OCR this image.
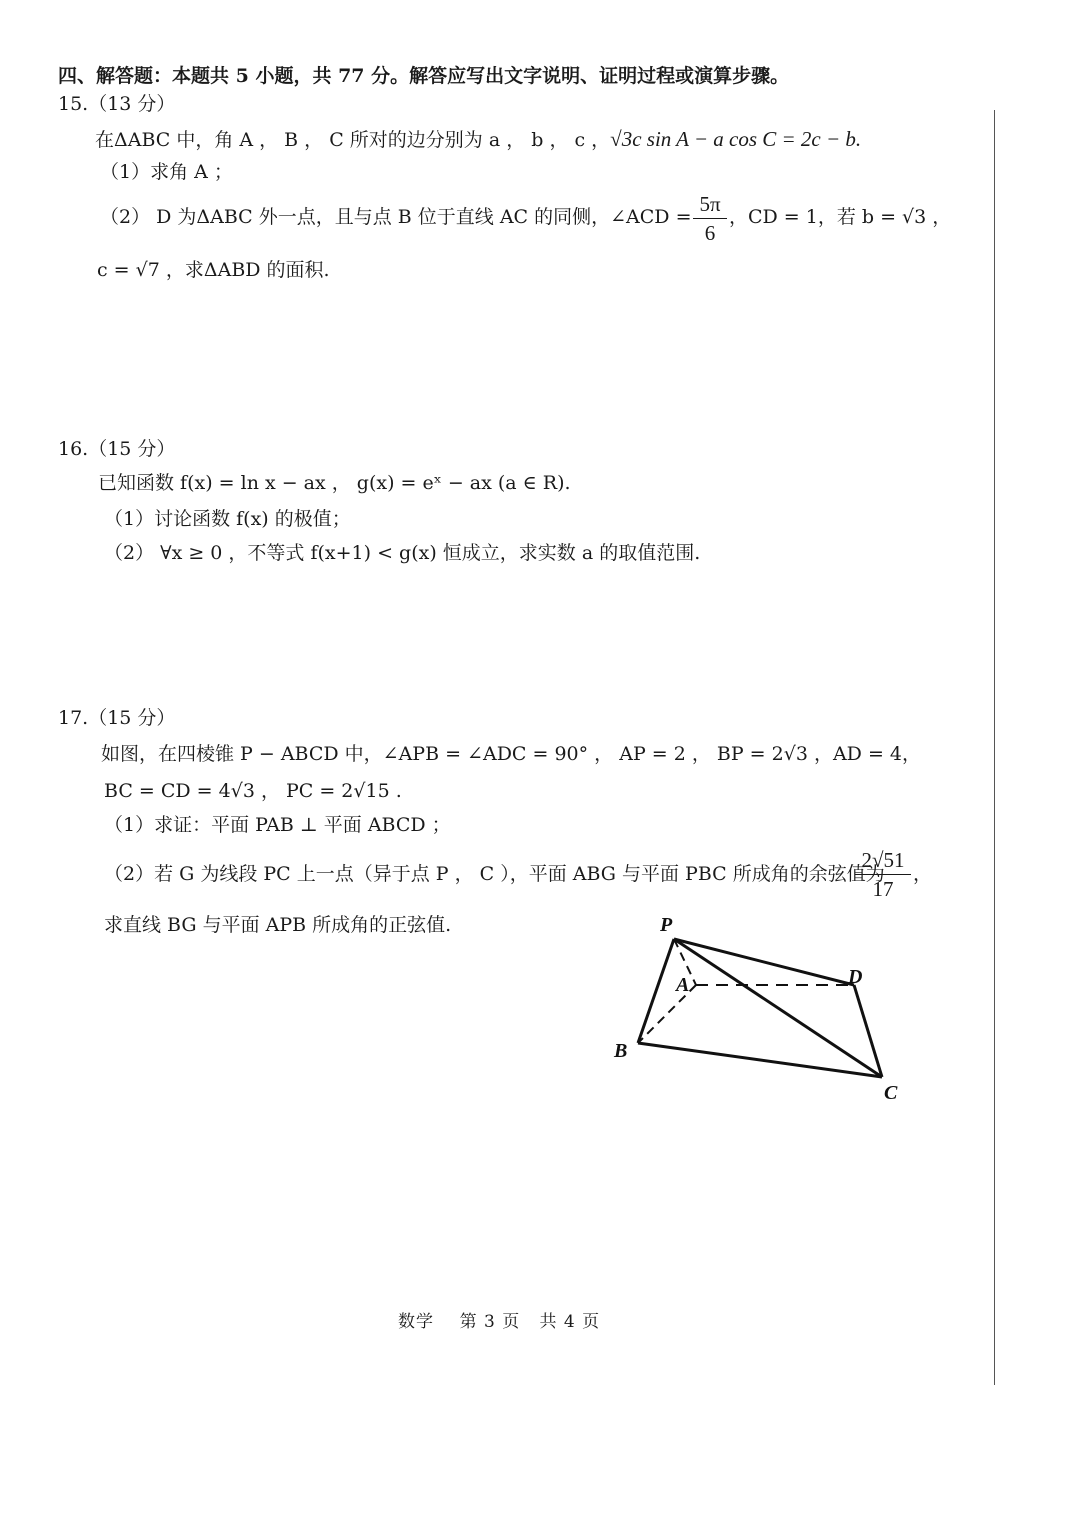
四、解答题：本题共 5 小题，共 77 分。解答应写出文字说明、证明过程或演算步骤。
15.（13 分）
在ΔABC 中，角 A ， B ， C 所对的边分别为 a ， b ， c ，√3c sin A − a cos C = 2c − b.
（1）求角 A ；
（2） D 为ΔABC 外一点，且与点 B 位于直线 AC 的同侧，∠ACD = $\frac{5\pi}{6}$ ，CD = 1，若 b = √3 ，
c = √7 ，求ΔABD 的面积.
16.（15 分）
已知函数 f(x) = ln x − ax ， g(x) = eˣ − ax (a ∈ R).
（1）讨论函数 f(x) 的极值；
（2） ∀x ≥ 0 ，不等式 f(x+1) < g(x) 恒成立，求实数 a 的取值范围.
17.（15 分）
如图，在四棱锥 P − ABCD 中，∠APB = ∠ADC = 90° ， AP = 2 ， BP = 2√3 ，AD = 4，
BC = CD = 4√3 ， PC = 2√15 .
（1）求证：平面 PAB ⊥ 平面 ABCD ；
（2）若 G 为线段 PC 上一点（异于点 P ， C ），平面 ABG 与平面 PBC 所成角的余弦值为
$\frac{2√51}{17}$ ，
求直线 BG 与平面 APB 所成角的正弦值.	P
A
B
C
D
数学    第 3 页   共 4 页
